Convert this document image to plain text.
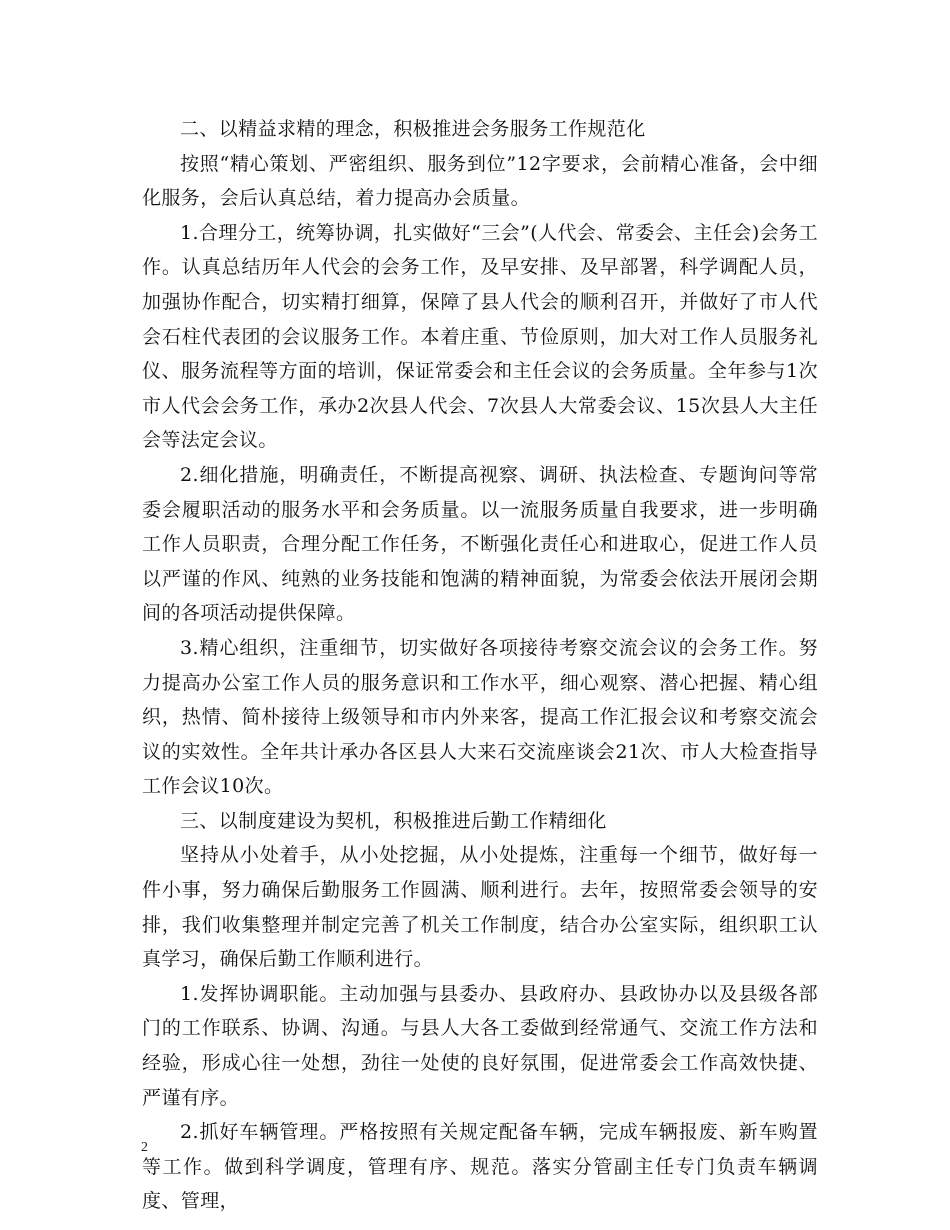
二、以精益求精的理念，积极推进会务服务工作规范化

按照“精心策划、严密组织、服务到位”12字要求，会前精心准备，会中细化服务，会后认真总结，着力提高办会质量。

1.合理分工，统筹协调，扎实做好“三会”(人代会、常委会、主任会)会务工作。认真总结历年人代会的会务工作，及早安排、及早部署，科学调配人员，加强协作配合，切实精打细算，保障了县人代会的顺利召开，并做好了市人代会石柱代表团的会议服务工作。本着庄重、节俭原则，加大对工作人员服务礼仪、服务流程等方面的培训，保证常委会和主任会议的会务质量。全年参与1次市人代会会务工作，承办2次县人代会、7次县人大常委会议、15次县人大主任会等法定会议。

2.细化措施，明确责任，不断提高视察、调研、执法检查、专题询问等常委会履职活动的服务水平和会务质量。以一流服务质量自我要求，进一步明确工作人员职责，合理分配工作任务，不断强化责任心和进取心，促进工作人员以严谨的作风、纯熟的业务技能和饱满的精神面貌，为常委会依法开展闭会期间的各项活动提供保障。

3.精心组织，注重细节，切实做好各项接待考察交流会议的会务工作。努力提高办公室工作人员的服务意识和工作水平，细心观察、潜心把握、精心组织，热情、简朴接待上级领导和市内外来客，提高工作汇报会议和考察交流会议的实效性。全年共计承办各区县人大来石交流座谈会21次、市人大检查指导工作会议10次。

三、以制度建设为契机，积极推进后勤工作精细化

坚持从小处着手，从小处挖掘，从小处提炼，注重每一个细节，做好每一件小事，努力确保后勤服务工作圆满、顺利进行。去年，按照常委会领导的安排，我们收集整理并制定完善了机关工作制度，结合办公室实际，组织职工认真学习，确保后勤工作顺利进行。

1.发挥协调职能。主动加强与县委办、县政府办、县政协办以及县级各部门的工作联系、协调、沟通。与县人大各工委做到经常通气、交流工作方法和经验，形成心往一处想，劲往一处使的良好氛围，促进常委会工作高效快捷、严谨有序。

2.抓好车辆管理。严格按照有关规定配备车辆，完成车辆报废、新车购置等工作。做到科学调度，管理有序、规范。落实分管副主任专门负责车辆调度、管理，

2
